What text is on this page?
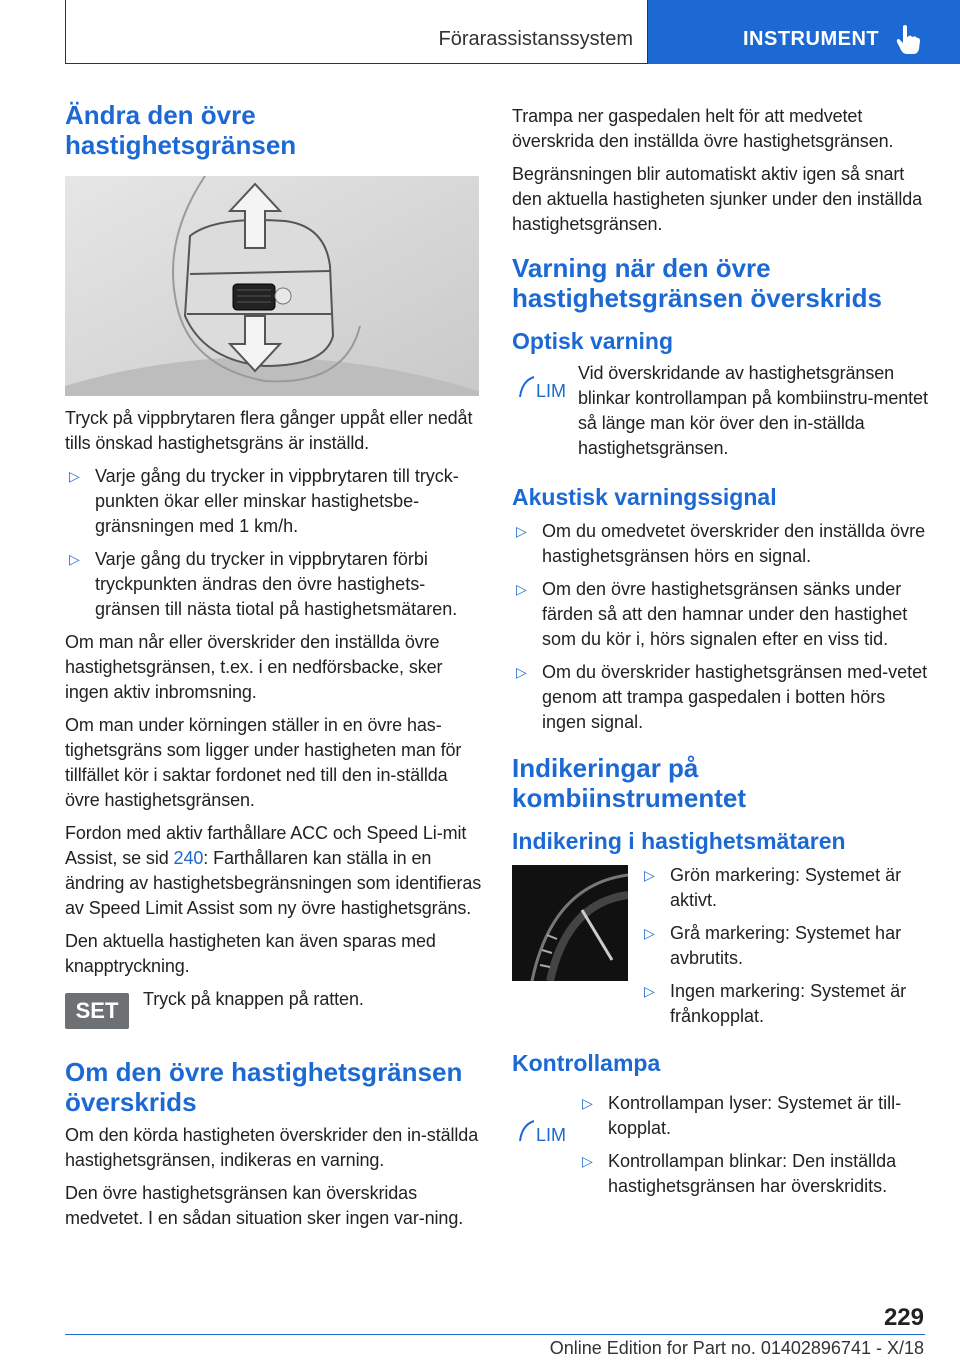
Förarassistanssystem	INSTRUMENT
Ändra den övre hastighetsgränsen

Tryck på vippbrytaren flera gånger uppåt eller nedåt tills önskad hastighetsgräns är inställd.

▷ Varje gång du trycker in vippbrytaren till tryck-punkten ökar eller minskar hastighetsbe-gränsningen med 1 km/h.
▷ Varje gång du trycker in vippbrytaren förbi tryckpunkten ändras den övre hastighets-gränsen till nästa tiotal på hastighetsmätaren.

Om man når eller överskrider den inställda övre hastighetsgränsen, t.ex. i en nedförsbacke, sker ingen aktiv inbromsning.

Om man under körningen ställer in en övre has-tighetsgräns som ligger under hastigheten man för tillfället kör i saktar fordonet ned till den in-ställda övre hastighetsgränsen.

Fordon med aktiv farthållare ACC och Speed Li-mit Assist, se sid 240: Farthållaren kan ställa in en ändring av hastighetsbegränsningen som identifieras av Speed Limit Assist som ny övre hastighetsgräns.

Den aktuella hastigheten kan även sparas med knapptryckning.

SET	Tryck på knappen på ratten.
Om den övre hastighetsgränsen överskrids

Om den körda hastigheten överskrider den in-ställda hastighetsgränsen, indikeras en varning.

Den övre hastighetsgränsen kan överskridas medvetet. I en sådan situation sker ingen var-ning.

Trampa ner gaspedalen helt för att medvetet överskrida den inställda övre hastighetsgränsen.

Begränsningen blir automatiskt aktiv igen så snart den aktuella hastigheten sjunker under den inställda hastighetsgränsen.

Varning när den övre hastighetsgränsen överskrids
Optisk varning
LIM

Vid överskridande av hastighetsgränsen blinkar kontrollampan på kombiinstru-mentet så länge man kör över den in-ställda hastighetsgränsen.

Akustisk varningssignal
▷ Om du omedvetet överskrider den inställda övre hastighetsgränsen hörs en signal.
▷ Om den övre hastighetsgränsen sänks under färden så att den hamnar under den hastighet som du kör i, hörs signalen efter en viss tid.
▷ Om du överskrider hastighetsgränsen med-vetet genom att trampa gaspedalen i botten hörs ingen signal.
Indikeringar på kombiinstrumentet
Indikering i hastighetsmätaren
▷ Grön markering: Systemet är aktivt.
▷ Grå markering: Systemet har avbrutits.
▷ Ingen markering: Systemet är frånkopplat.
Kontrollampa
LIM
▷ Kontrollampan lyser: Systemet är till-kopplat.
▷ Kontrollampan blinkar: Den inställda hastighetsgränsen har överskridits.
229
Online Edition for Part no. 01402896741 - X/18
